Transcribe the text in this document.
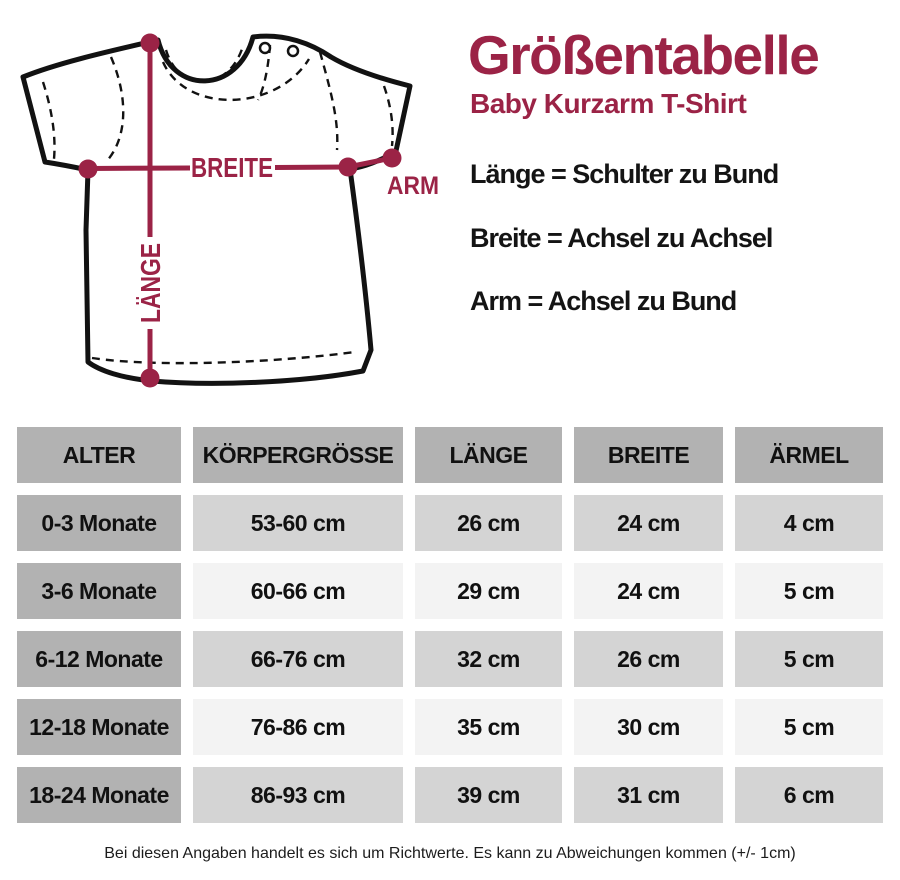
BREITE
LÄNGE
ARM
Größentabelle
Baby Kurzarm T-Shirt

Länge = Schulter zu Bund

Breite = Achsel zu Achsel

Arm = Achsel zu Bund

ALTER	KÖRPERGRÖSSE	LÄNGE	BREITE	ÄRMEL
0-3 Monate	53-60 cm	26 cm	24 cm	4 cm
3-6 Monate	60-66 cm	29 cm	24 cm	5 cm
6-12 Monate	66-76 cm	32 cm	26 cm	5 cm
12-18 Monate	76-86 cm	35 cm	30 cm	5 cm
18-24 Monate	86-93 cm	39 cm	31 cm	6 cm

Bei diesen Angaben handelt es sich um Richtwerte. Es kann zu Abweichungen kommen (+/- 1cm)
